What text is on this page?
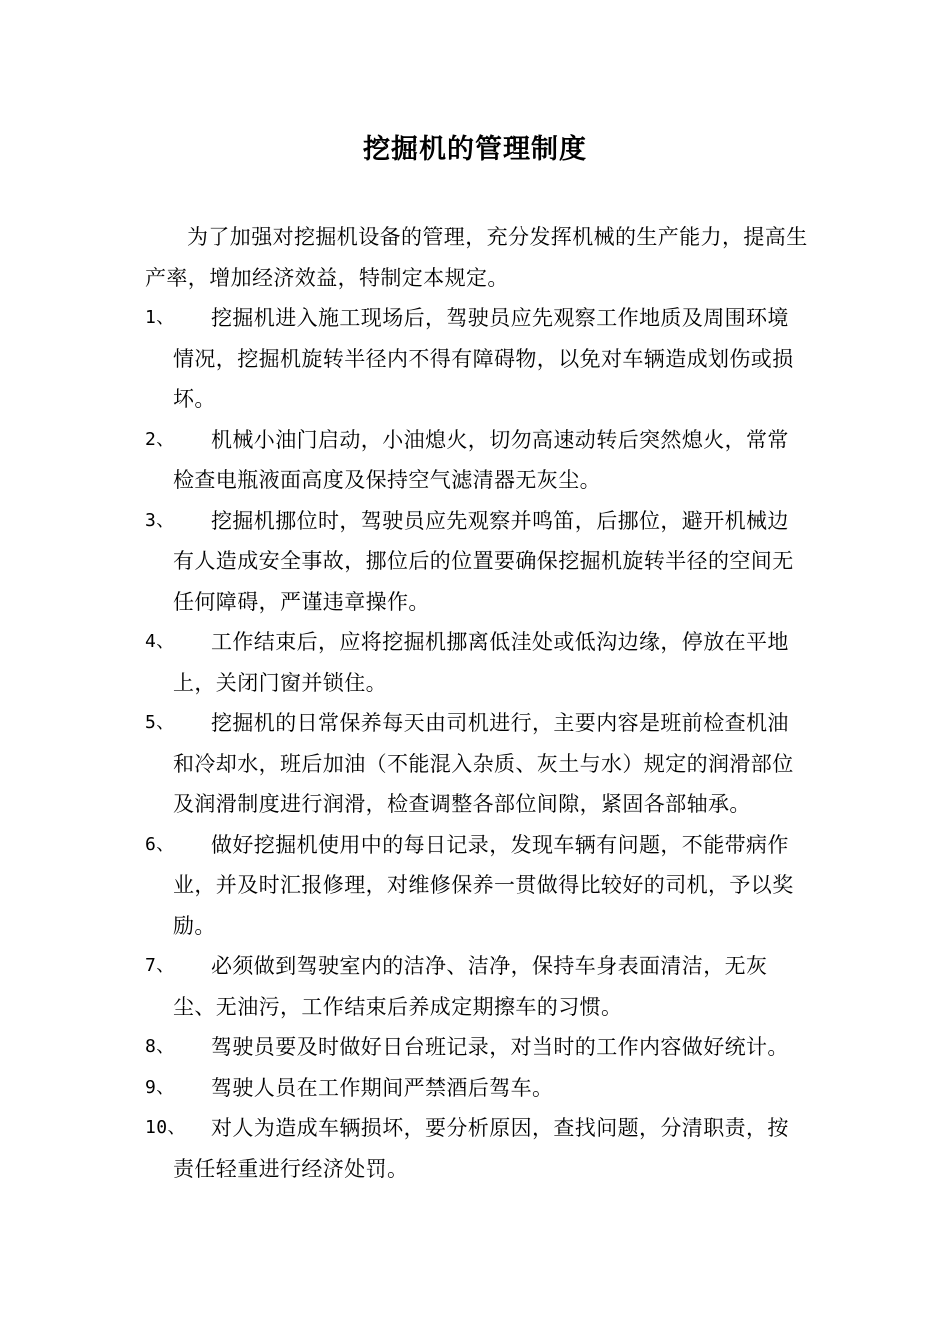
挖掘机的管理制度
为了加强对挖掘机设备的管理，充分发挥机械的生产能力，提高生产率，增加经济效益，特制定本规定。
1、 挖掘机进入施工现场后，驾驶员应先观察工作地质及周围环境情况，挖掘机旋转半径内不得有障碍物，以免对车辆造成划伤或损坏。
2、 机械小油门启动，小油熄火，切勿高速动转后突然熄火，常常检查电瓶液面高度及保持空气滤清器无灰尘。
3、 挖掘机挪位时，驾驶员应先观察并鸣笛，后挪位，避开机械边有人造成安全事故，挪位后的位置要确保挖掘机旋转半径的空间无任何障碍，严谨违章操作。
4、 工作结束后，应将挖掘机挪离低洼处或低沟边缘，停放在平地上，关闭门窗并锁住。
5、 挖掘机的日常保养每天由司机进行，主要内容是班前检查机油和冷却水，班后加油（不能混入杂质、灰土与水）规定的润滑部位及润滑制度进行润滑，检查调整各部位间隙，紧固各部轴承。
6、 做好挖掘机使用中的每日记录，发现车辆有问题，不能带病作业，并及时汇报修理，对维修保养一贯做得比较好的司机，予以奖励。
7、 必须做到驾驶室内的洁净、洁净，保持车身表面清洁，无灰尘、无油污，工作结束后养成定期擦车的习惯。
8、 驾驶员要及时做好日台班记录，对当时的工作内容做好统计。
9、 驾驶人员在工作期间严禁酒后驾车。
10、 对人为造成车辆损坏，要分析原因，查找问题，分清职责，按责任轻重进行经济处罚。
